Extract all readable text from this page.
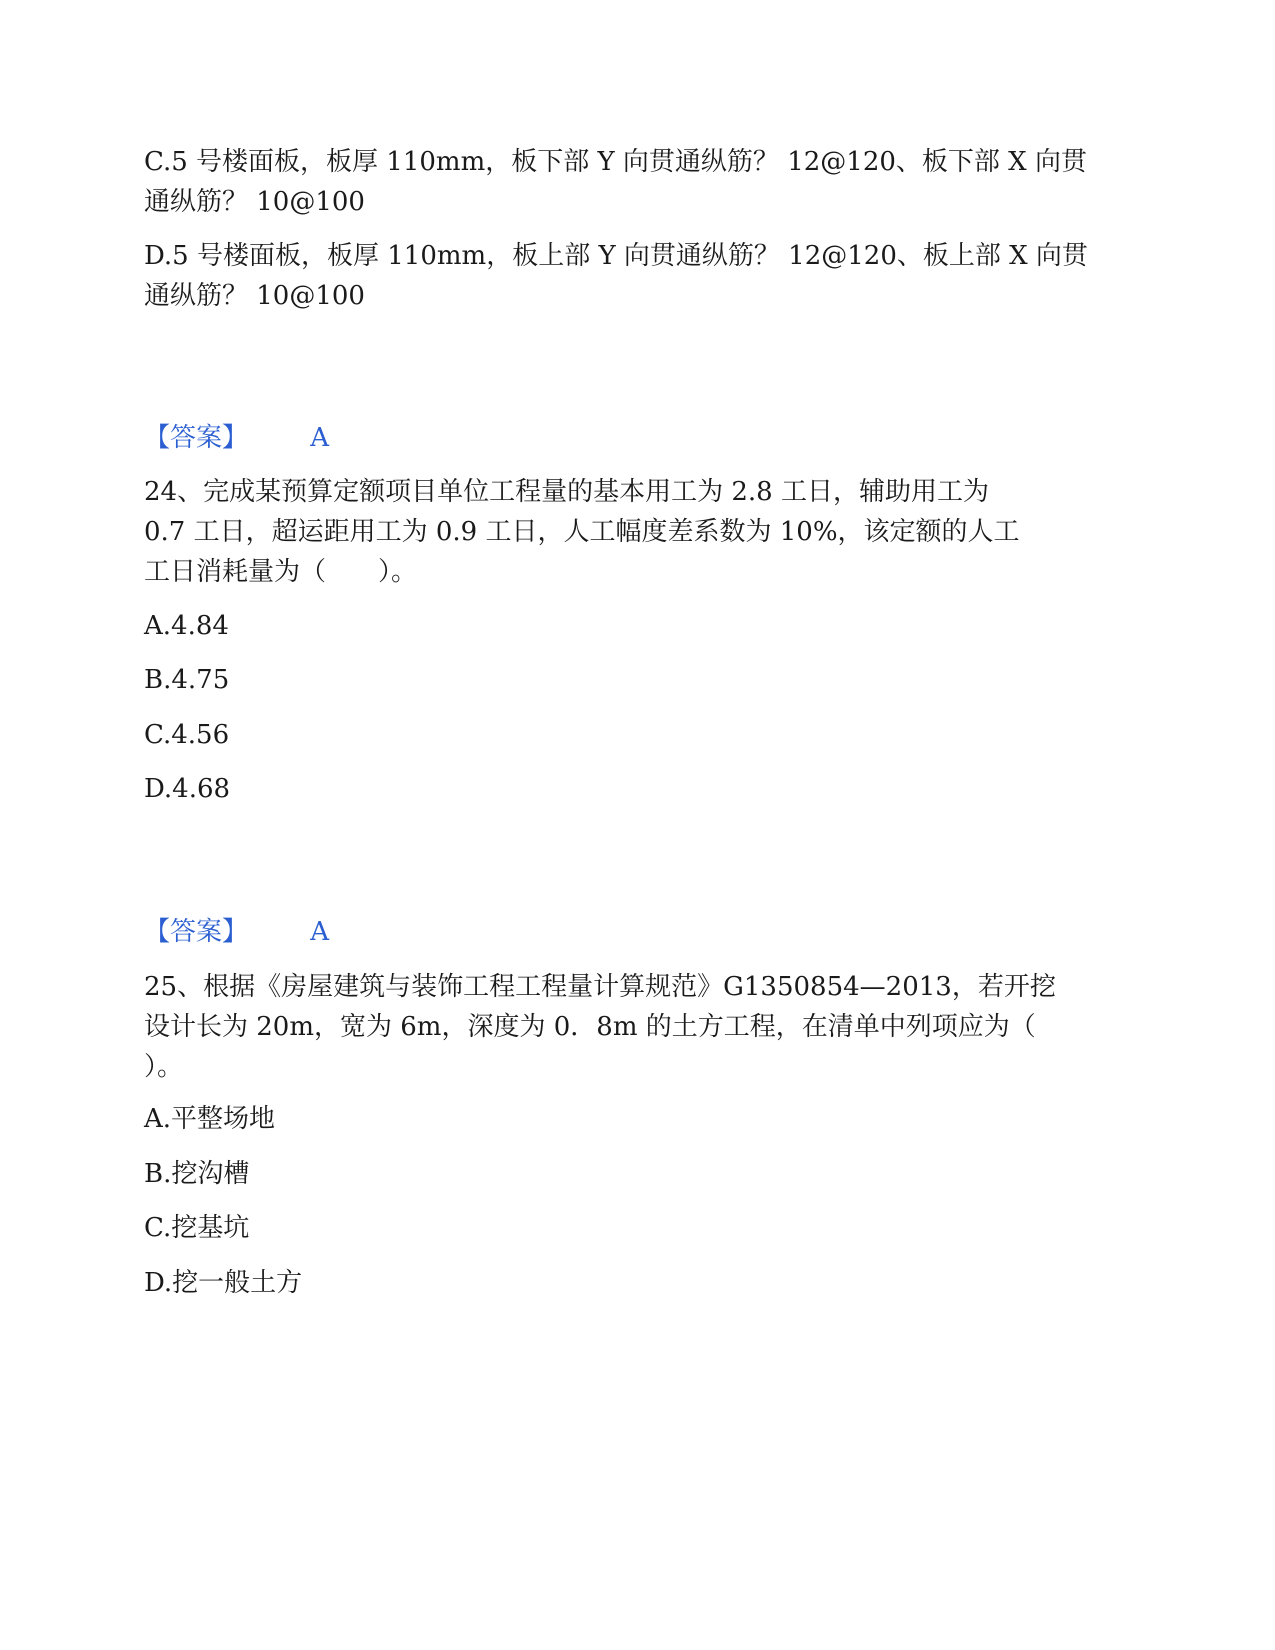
C.5 号楼面板，板厚 110mm，板下部 Y 向贯通纵筋？ 12@120、板下部 X 向贯
通纵筋？ 10@100
D.5 号楼面板，板厚 110mm，板上部 Y 向贯通纵筋？ 12@120、板上部 X 向贯
通纵筋？ 10@100
【答案】 A
24、完成某预算定额项目单位工程量的基本用工为 2.8 工日，辅助用工为
0.7 工日，超运距用工为 0.9 工日，人工幅度差系数为 10%，该定额的人工
工日消耗量为（　　）。
A.4.84
B.4.75
C.4.56
D.4.68
【答案】 A
25、根据《房屋建筑与装饰工程工程量计算规范》G1350854—2013，若开挖
设计长为 20m，宽为 6m，深度为 0．8m 的土方工程，在清单中列项应为（
）。
A.平整场地
B.挖沟槽
C.挖基坑
D.挖一般土方
